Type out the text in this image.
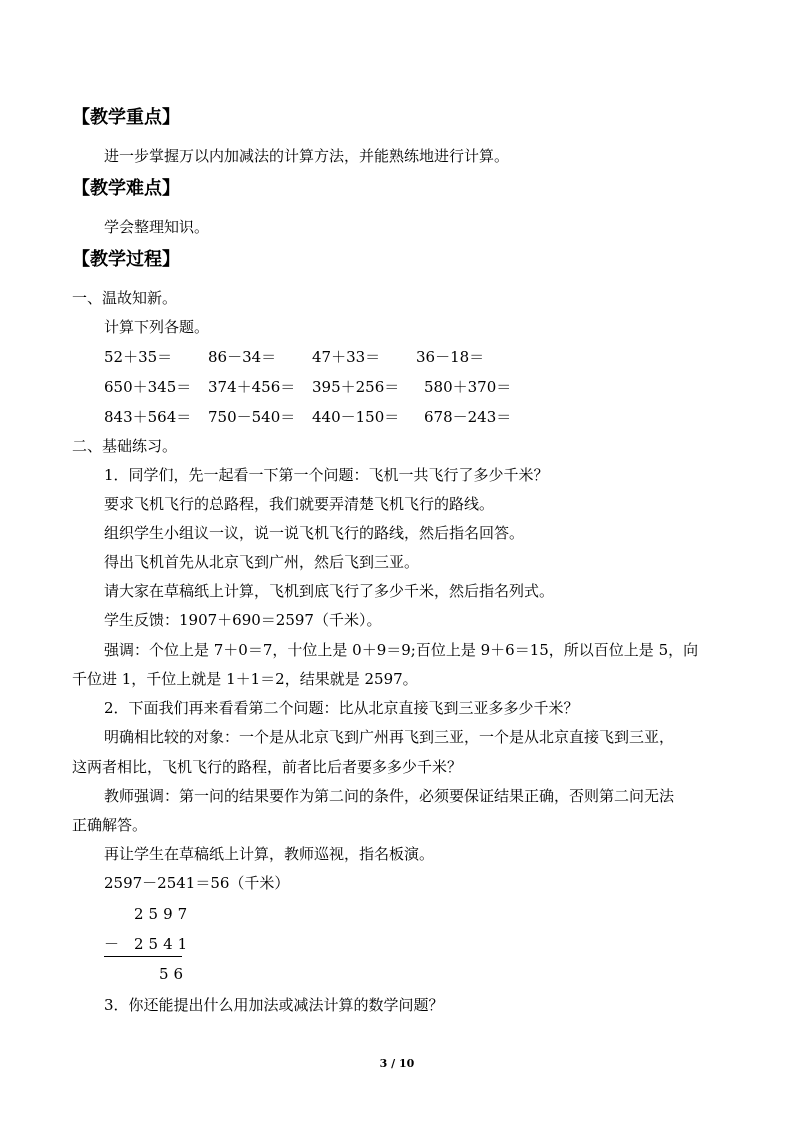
【教学重点】
进一步掌握万以内加减法的计算方法，并能熟练地进行计算。
【教学难点】
学会整理知识。
【教学过程】
一、温故知新。
计算下列各题。
52＋35＝ 86－34＝ 47＋33＝ 36－18＝
650＋345＝ 374＋456＝ 395＋256＝ 580＋370＝
843＋564＝ 750－540＝ 440－150＝ 678－243＝
二、基础练习。
1．同学们，先一起看一下第一个问题：飞机一共飞行了多少千米？
要求飞机飞行的总路程，我们就要弄清楚飞机飞行的路线。
组织学生小组议一议，说一说飞机飞行的路线，然后指名回答。
得出飞机首先从北京飞到广州，然后飞到三亚。
请大家在草稿纸上计算，飞机到底飞行了多少千米，然后指名列式。
学生反馈：1907＋690＝2597（千米）。
强调：个位上是 7＋0＝7，十位上是 0＋9＝9;百位上是 9＋6＝15，所以百位上是 5，向
千位进 1，千位上就是 1＋1＝2，结果就是 2597。
2．下面我们再来看看第二个问题：比从北京直接飞到三亚多多少千米？
明确相比较的对象：一个是从北京飞到广州再飞到三亚，一个是从北京直接飞到三亚，
这两者相比，飞机飞行的路程，前者比后者要多多少千米？
教师强调：第一问的结果要作为第二问的条件，必须要保证结果正确，否则第二问无法
正确解答。
再让学生在草稿纸上计算，教师巡视，指名板演。
2597－2541＝56（千米）
2597
－ 2541
56
3．你还能提出什么用加法或减法计算的数学问题？
3 / 10
